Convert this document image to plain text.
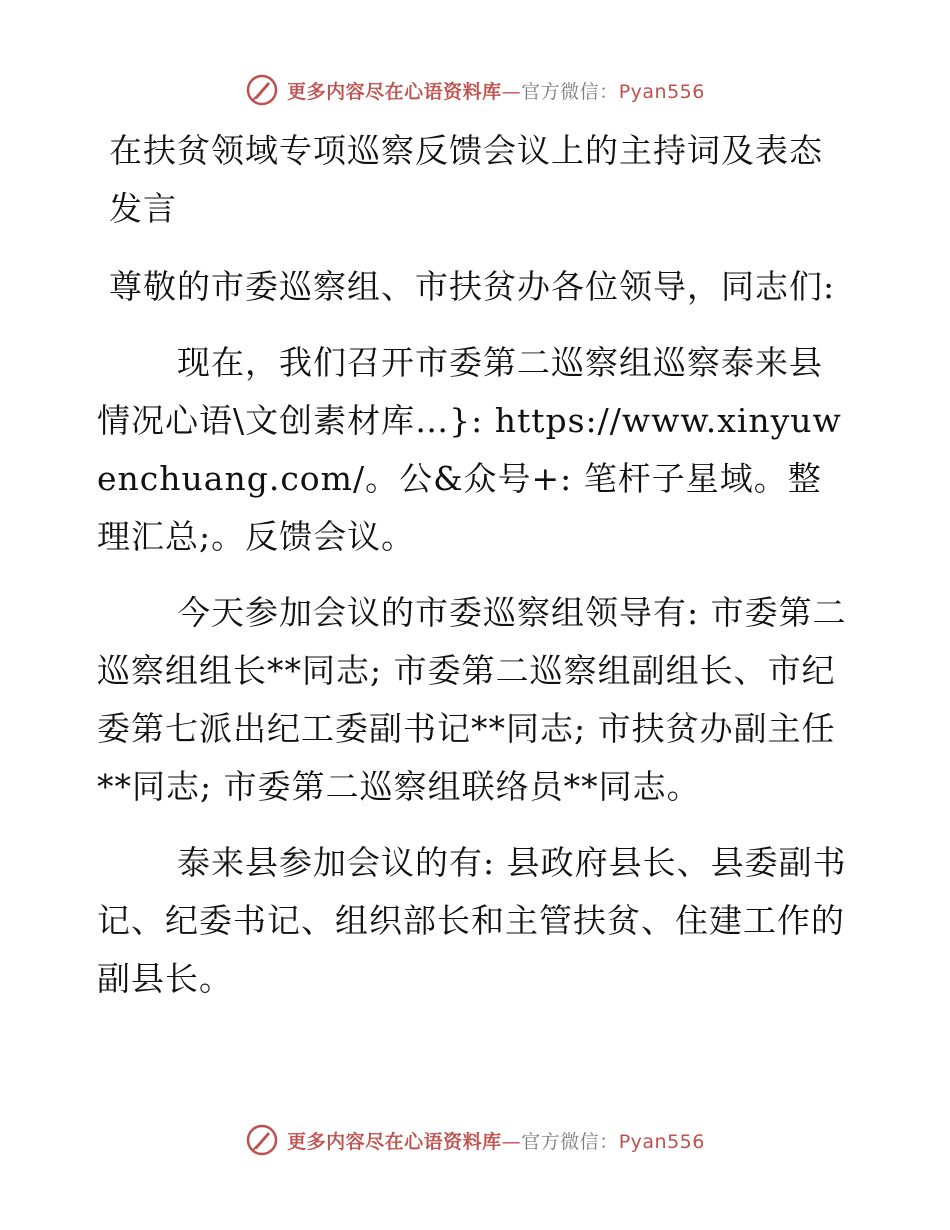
更多内容尽在心语资料库—官方微信：Pyan556

在扶贫领域专项巡察反馈会议上的主持词及表态发言

尊敬的市委巡察组、市扶贫办各位领导，同志们:

现在，我们召开市委第二巡察组巡察泰来县情况心语\文创素材库…}: https://www.xinyuwenchuang.com/。公&众号+: 笔杆子星域。整理汇总;。反馈会议。

今天参加会议的市委巡察组领导有: 市委第二巡察组组长**同志; 市委第二巡察组副组长、市纪委第七派出纪工委副书记**同志; 市扶贫办副主任**同志; 市委第二巡察组联络员**同志。

泰来县参加会议的有: 县政府县长、县委副书记、纪委书记、组织部长和主管扶贫、住建工作的副县长。

更多内容尽在心语资料库—官方微信：Pyan556
